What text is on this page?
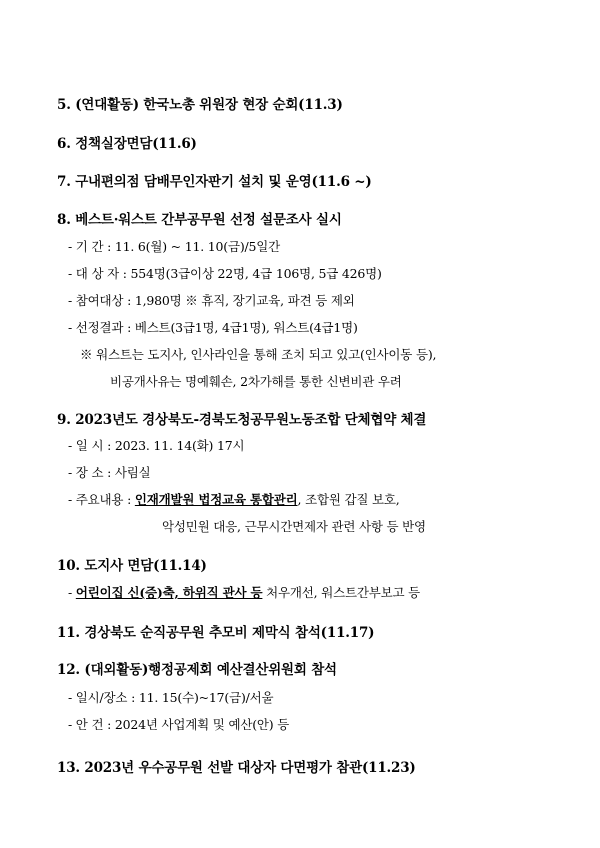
5. (연대활동) 한국노총 위원장 현장 순회(11.3)
6. 정책실장면담(11.6)
7. 구내편의점 담배무인자판기 설치 및 운영(11.6 ~)
8. 베스트·워스트 간부공무원 선정 설문조사 실시
- 기 간 : 11. 6(월) ~ 11. 10(금)/5일간
- 대 상 자 : 554명(3급이상 22명, 4급 106명, 5급 426명)
- 참여대상 : 1,980명 ※ 휴직, 장기교육, 파견 등 제외
- 선정결과 : 베스트(3급1명, 4급1명), 워스트(4급1명)
※ 워스트는 도지사, 인사라인을 통해 조치 되고 있고(인사이동 등),
비공개사유는 명예훼손, 2차가해를 통한 신변비관 우려
9. 2023년도 경상북도-경북도청공무원노동조합 단체협약 체결
- 일 시 : 2023. 11. 14(화) 17시
- 장 소 : 사림실
- 주요내용 : 인재개발원 법정교육 통합관리, 조합원 갑질 보호,
악성민원 대응, 근무시간면제자 관련 사항 등 반영
10. 도지사 면담(11.14)
- 어린이집 신(증)축, 하위직 관사 등 처우개선, 워스트간부보고 등
11. 경상북도 순직공무원 추모비 제막식 참석(11.17)
12. (대외활동)행정공제회 예산결산위원회 참석
- 일시/장소 : 11. 15(수)~17(금)/서울
- 안 건 : 2024년 사업계획 및 예산(안) 등
13. 2023년 우수공무원 선발 대상자 다면평가 참관(11.23)
